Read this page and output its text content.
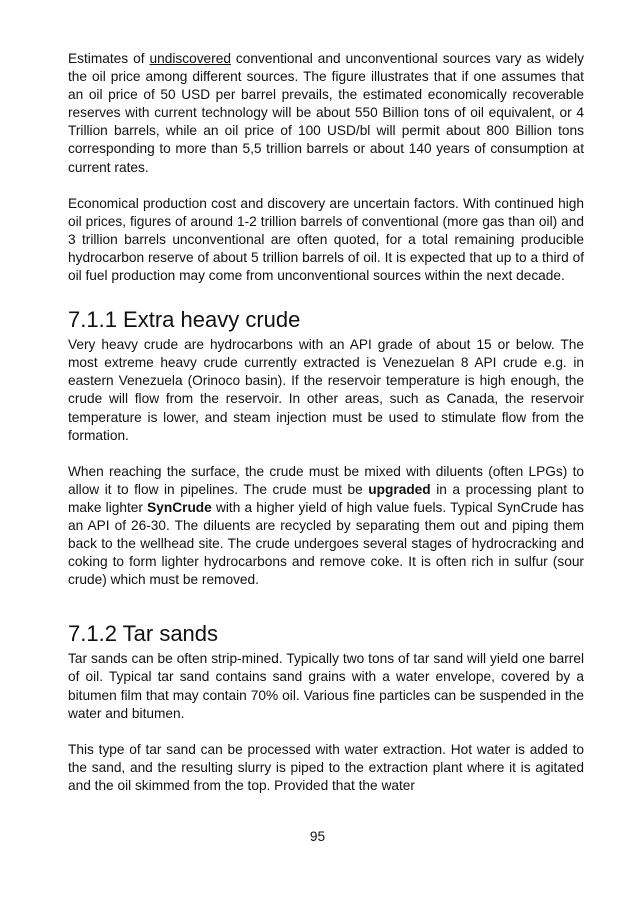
Estimates of undiscovered conventional and unconventional sources vary as widely the oil price among different sources. The figure illustrates that if one assumes that an oil price of 50 USD per barrel prevails, the estimated economically recoverable reserves with current technology will be about 550 Billion tons of oil equivalent, or 4 Trillion barrels, while an oil price of 100 USD/bl will permit about 800 Billion tons corresponding to more than 5,5 trillion barrels or about 140 years of consumption at current rates.

Economical production cost and discovery are uncertain factors. With continued high oil prices, figures of around 1-2 trillion barrels of conventional (more gas than oil) and 3 trillion barrels unconventional are often quoted, for a total remaining producible hydrocarbon reserve of about 5 trillion barrels of oil. It is expected that up to a third of oil fuel production may come from unconventional sources within the next decade.

7.1.1 Extra heavy crude

Very heavy crude are hydrocarbons with an API grade of about 15 or below. The most extreme heavy crude currently extracted is Venezuelan 8 API crude e.g. in eastern Venezuela (Orinoco basin). If the reservoir temperature is high enough, the crude will flow from the reservoir. In other areas, such as Canada, the reservoir temperature is lower, and steam injection must be used to stimulate flow from the formation.

When reaching the surface, the crude must be mixed with diluents (often LPGs) to allow it to flow in pipelines. The crude must be upgraded in a processing plant to make lighter SynCrude with a higher yield of high value fuels. Typical SynCrude has an API of 26-30. The diluents are recycled by separating them out and piping them back to the wellhead site. The crude undergoes several stages of hydrocracking and coking to form lighter hydrocarbons and remove coke. It is often rich in sulfur (sour crude) which must be removed.

7.1.2 Tar sands

Tar sands can be often strip-mined. Typically two tons of tar sand will yield one barrel of oil. Typical tar sand contains sand grains with a water envelope, covered by a bitumen film that may contain 70% oil. Various fine particles can be suspended in the water and bitumen.

This type of tar sand can be processed with water extraction. Hot water is added to the sand, and the resulting slurry is piped to the extraction plant where it is agitated and the oil skimmed from the top. Provided that the water

95
